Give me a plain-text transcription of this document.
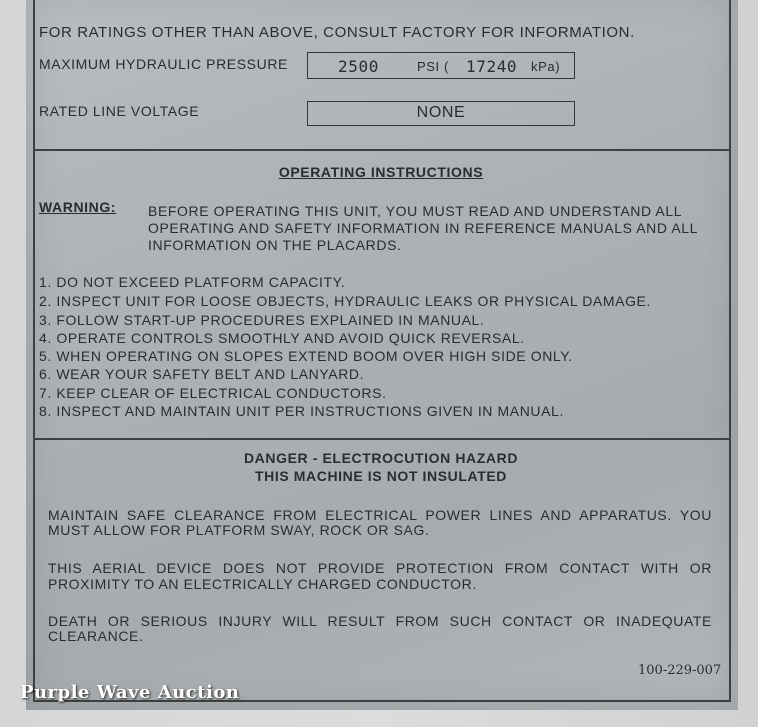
FOR RATINGS OTHER THAN ABOVE, CONSULT FACTORY FOR INFORMATION.
MAXIMUM HYDRAULIC PRESSURE	2500	PSI ( 17240 kPa)
RATED LINE VOLTAGE	NONE
OPERATING INSTRUCTIONS
WARNING: BEFORE OPERATING THIS UNIT, YOU MUST READ AND UNDERSTAND ALL
OPERATING AND SAFETY INFORMATION IN REFERENCE MANUALS AND ALL
INFORMATION ON THE PLACARDS.
1. DO NOT EXCEED PLATFORM CAPACITY.
2. INSPECT UNIT FOR LOOSE OBJECTS, HYDRAULIC LEAKS OR PHYSICAL DAMAGE.
3. FOLLOW START-UP PROCEDURES EXPLAINED IN MANUAL.
4. OPERATE CONTROLS SMOOTHLY AND AVOID QUICK REVERSAL.
5. WHEN OPERATING ON SLOPES EXTEND BOOM OVER HIGH SIDE ONLY.
6. WEAR YOUR SAFETY BELT AND LANYARD.
7. KEEP CLEAR OF ELECTRICAL CONDUCTORS.
8. INSPECT AND MAINTAIN UNIT PER INSTRUCTIONS GIVEN IN MANUAL.
DANGER - ELECTROCUTION HAZARD
THIS MACHINE IS NOT INSULATED
MAINTAIN SAFE CLEARANCE FROM ELECTRICAL POWER LINES AND APPARATUS. YOU
MUST ALLOW FOR PLATFORM SWAY, ROCK OR SAG.
THIS AERIAL DEVICE DOES NOT PROVIDE PROTECTION FROM CONTACT WITH OR
PROXIMITY TO AN ELECTRICALLY CHARGED CONDUCTOR.
DEATH OR SERIOUS INJURY WILL RESULT FROM SUCH CONTACT OR INADEQUATE
CLEARANCE.
100-229-007
Purple Wave Auction
